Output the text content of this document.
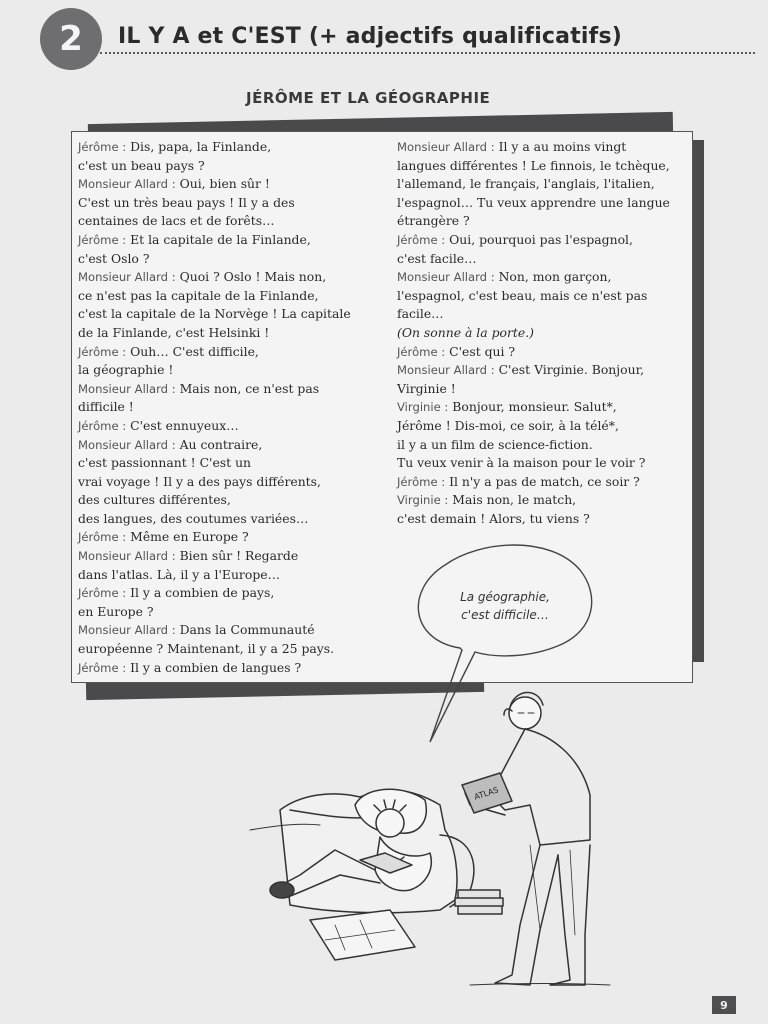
2	IL Y A et C'EST (+ adjectifs qualificatifs)
JÉRÔME ET LA GÉOGRAPHIE
Jérôme : Dis, papa, la Finlande,
c'est un beau pays ?
Monsieur Allard : Oui, bien sûr !
C'est un très beau pays ! Il y a des
centaines de lacs et de forêts…
Jérôme : Et la capitale de la Finlande,
c'est Oslo ?
Monsieur Allard : Quoi ? Oslo ! Mais non,
ce n'est pas la capitale de la Finlande,
c'est la capitale de la Norvège ! La capitale
de la Finlande, c'est Helsinki !
Jérôme : Ouh… C'est difficile,
la géographie !
Monsieur Allard : Mais non, ce n'est pas
difficile !
Jérôme : C'est ennuyeux…
Monsieur Allard : Au contraire,
c'est passionnant ! C'est un
vrai voyage ! Il y a des pays différents,
des cultures différentes,
des langues, des coutumes variées…
Jérôme : Même en Europe ?
Monsieur Allard : Bien sûr ! Regarde
dans l'atlas. Là, il y a l'Europe…
Jérôme : Il y a combien de pays,
en Europe ?
Monsieur Allard : Dans la Communauté
européenne ? Maintenant, il y a 25 pays.
Jérôme : Il y a combien de langues ?
Monsieur Allard : Il y a au moins vingt
langues différentes ! Le finnois, le tchèque,
l'allemand, le français, l'anglais, l'italien,
l'espagnol… Tu veux apprendre une langue
étrangère ?
Jérôme : Oui, pourquoi pas l'espagnol,
c'est facile…
Monsieur Allard : Non, mon garçon,
l'espagnol, c'est beau, mais ce n'est pas
facile…
(On sonne à la porte.)
Jérôme : C'est qui ?
Monsieur Allard : C'est Virginie. Bonjour,
Virginie !
Virginie : Bonjour, monsieur. Salut*,
Jérôme ! Dis-moi, ce soir, à la télé*,
il y a un film de science-fiction.
Tu veux venir à la maison pour le voir ?
Jérôme : Il n'y a pas de match, ce soir ?
Virginie : Mais non, le match,
c'est demain ! Alors, tu viens ?
La géographie,
c'est difficile…
ATLAS
9
